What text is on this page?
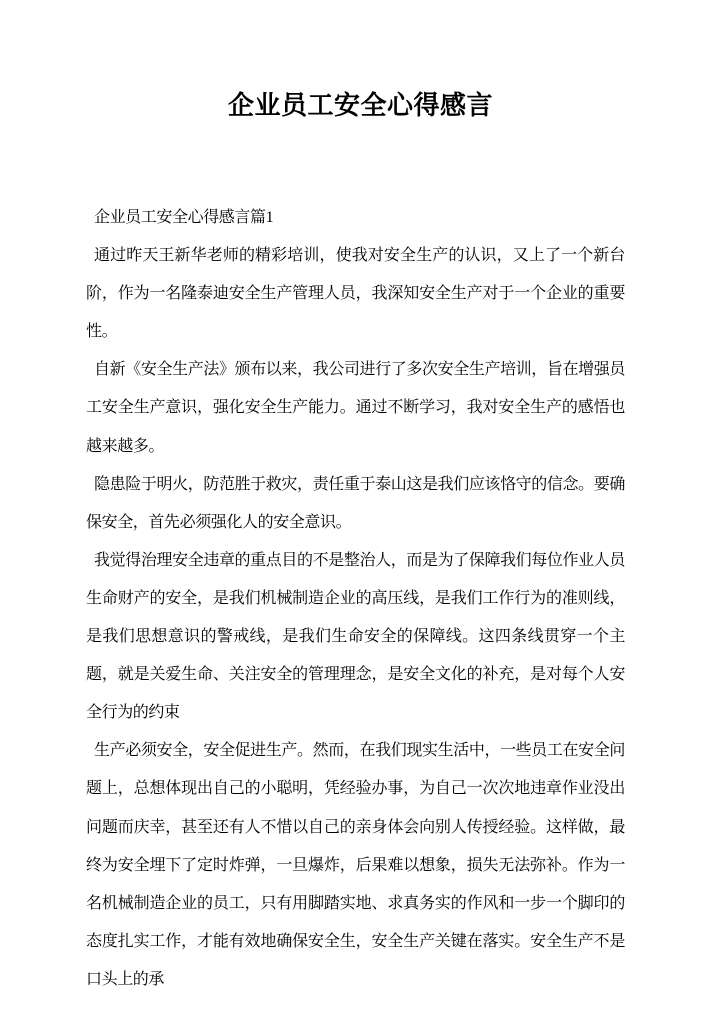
企业员工安全心得感言

企业员工安全心得感言篇1

通过昨天王新华老师的精彩培训，使我对安全生产的认识，又上了一个新台阶，作为一名隆泰迪安全生产管理人员，我深知安全生产对于一个企业的重要性。

自新《安全生产法》颁布以来，我公司进行了多次安全生产培训，旨在增强员工安全生产意识，强化安全生产能力。通过不断学习，我对安全生产的感悟也越来越多。

隐患险于明火，防范胜于救灾，责任重于泰山这是我们应该恪守的信念。要确保安全，首先必须强化人的安全意识。

我觉得治理安全违章的重点目的不是整治人，而是为了保障我们每位作业人员生命财产的安全，是我们机械制造企业的高压线，是我们工作行为的准则线，是我们思想意识的警戒线，是我们生命安全的保障线。这四条线贯穿一个主题，就是关爱生命、关注安全的管理理念，是安全文化的补充，是对每个人安全行为的约束

生产必须安全，安全促进生产。然而，在我们现实生活中，一些员工在安全问题上，总想体现出自己的小聪明，凭经验办事，为自己一次次地违章作业没出问题而庆幸，甚至还有人不惜以自己的亲身体会向别人传授经验。这样做，最终为安全埋下了定时炸弹，一旦爆炸，后果难以想象，损失无法弥补。作为一名机械制造企业的员工，只有用脚踏实地、求真务实的作风和一步一个脚印的态度扎实工作，才能有效地确保安全生，安全生产关键在落实。安全生产不是口头上的承
